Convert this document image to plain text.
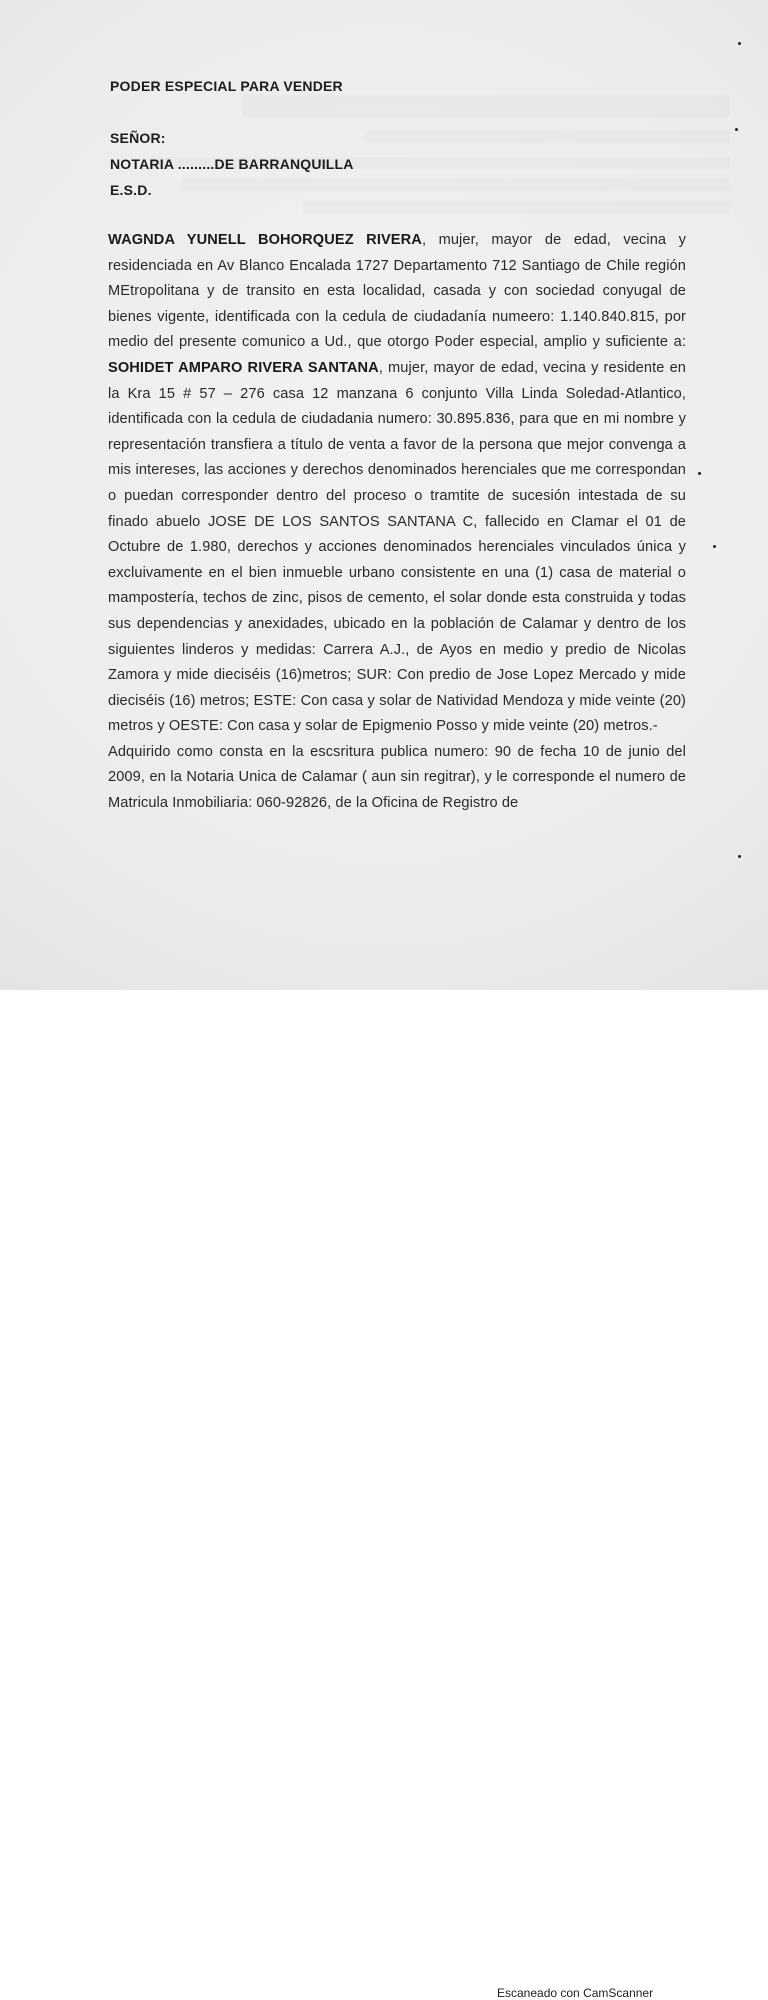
PODER ESPECIAL PARA VENDER
SEÑOR:
NOTARIA .........DE BARRANQUILLA
E.S.D.

WAGNDA YUNELL BOHORQUEZ RIVERA, mujer, mayor de edad, vecina y residenciada en Av Blanco Encalada 1727 Departamento 712 Santiago de Chile región MEtropolitana y de transito en esta localidad, casada y con sociedad conyugal de bienes vigente, identificada con la cedula de ciudadanía numeero: 1.140.840.815, por medio del presente comunico a Ud., que otorgo Poder especial, amplio y suficiente a: SOHIDET AMPARO RIVERA SANTANA, mujer, mayor de edad, vecina y residente en la Kra 15 # 57 – 276 casa 12 manzana 6 conjunto Villa Linda Soledad-Atlantico, identificada con la cedula de ciudadania numero: 30.895.836, para que en mi nombre y representación transfiera a título de venta a favor de la persona que mejor convenga a mis intereses, las acciones y derechos denominados herenciales que me correspondan o puedan corresponder dentro del proceso o tramtite de sucesión intestada de su finado abuelo JOSE DE LOS SANTOS SANTANA C, fallecido en Clamar el 01 de Octubre de 1.980, derechos y acciones denominados herenciales vinculados única y excluivamente en el bien inmueble urbano consistente en una (1) casa de material o mampostería, techos de zinc, pisos de cemento, el solar donde esta construida y todas sus dependencias y anexidades, ubicado en la población de Calamar y dentro de los siguientes linderos y medidas: Carrera A.J., de Ayos en medio y predio de Nicolas Zamora y mide dieciséis (16)metros; SUR: Con predio de Jose Lopez Mercado y mide dieciséis (16) metros; ESTE: Con casa y solar de Natividad Mendoza y mide veinte (20) metros y OESTE: Con casa y solar de Epigmenio Posso y mide veinte (20) metros.-

Adquirido como consta en la escsritura publica numero: 90 de fecha 10 de junio del 2009, en la Notaria Unica de Calamar ( aun sin regitrar), y le corresponde el numero de Matricula Inmobiliaria: 060-92826, de la Oficina de Registro de

Escaneado con CamScanner
